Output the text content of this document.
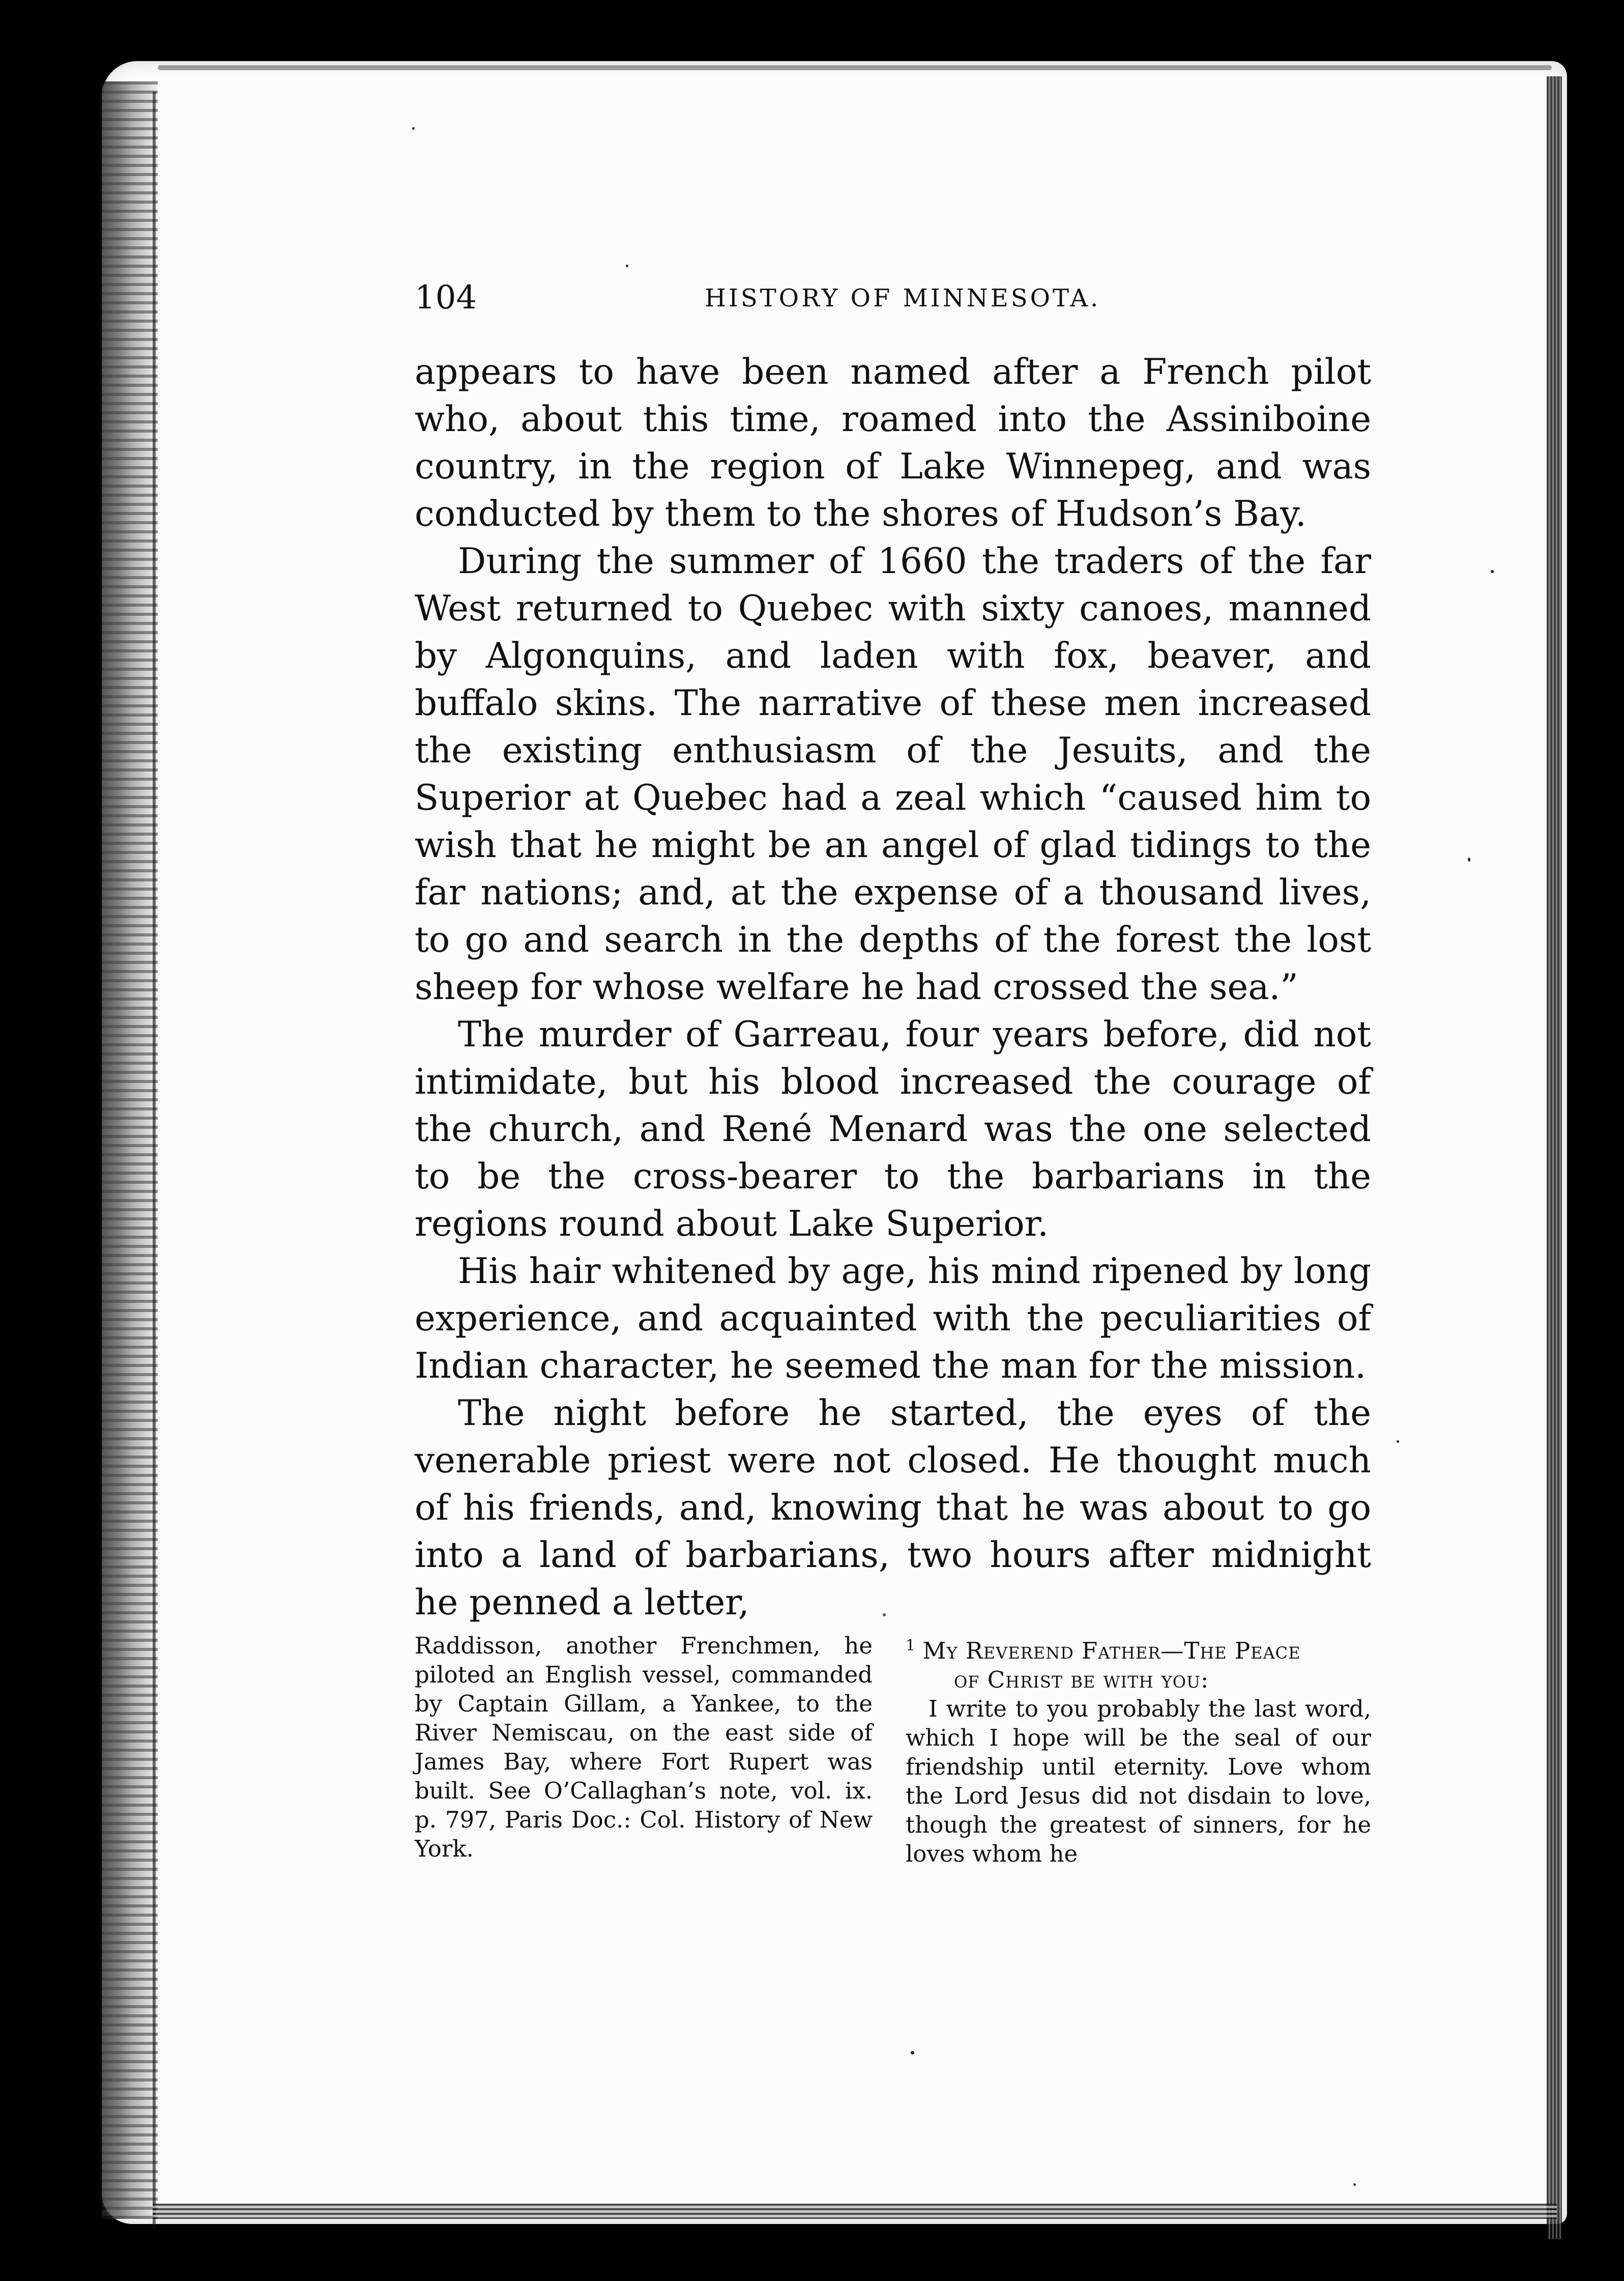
104	HISTORY OF MINNESOTA.

appears to have been named after a French pilot who, about this time, roamed into the Assiniboine country, in the region of Lake Winnepeg, and was conducted by them to the shores of Hudson’s Bay.

During the summer of 1660 the traders of the far West returned to Quebec with sixty canoes, manned by Algonquins, and laden with fox, beaver, and buffalo skins. The narrative of these men increased the existing enthusiasm of the Jesuits, and the Superior at Quebec had a zeal which “caused him to wish that he might be an angel of glad tidings to the far nations; and, at the expense of a thousand lives, to go and search in the depths of the forest the lost sheep for whose welfare he had crossed the sea.”

The murder of Garreau, four years before, did not intimidate, but his blood increased the courage of the church, and René Menard was the one selected to be the cross-bearer to the barbarians in the regions round about Lake Superior.

His hair whitened by age, his mind ripened by long experience, and acquainted with the peculiarities of Indian character, he seemed the man for the mission.

The night before he started, the eyes of the venerable priest were not closed. He thought much of his friends, and, knowing that he was about to go into a land of barbarians, two hours after midnight he penned a letter,

Raddisson, another Frenchmen, he piloted an English vessel, commanded by Captain Gillam, a Yankee, to the River Nemiscau, on the east side of James Bay, where Fort Rupert was built. See O’Callaghan’s note, vol. ix. p. 797, Paris Doc.: Col. History of New York.

$^1$ My Reverend Father—The Peace

of Christ be with you:

I write to you probably the last word, which I hope will be the seal of our friendship until eternity. Love whom the Lord Jesus did not disdain to love, though the greatest of sinners, for he loves whom he
